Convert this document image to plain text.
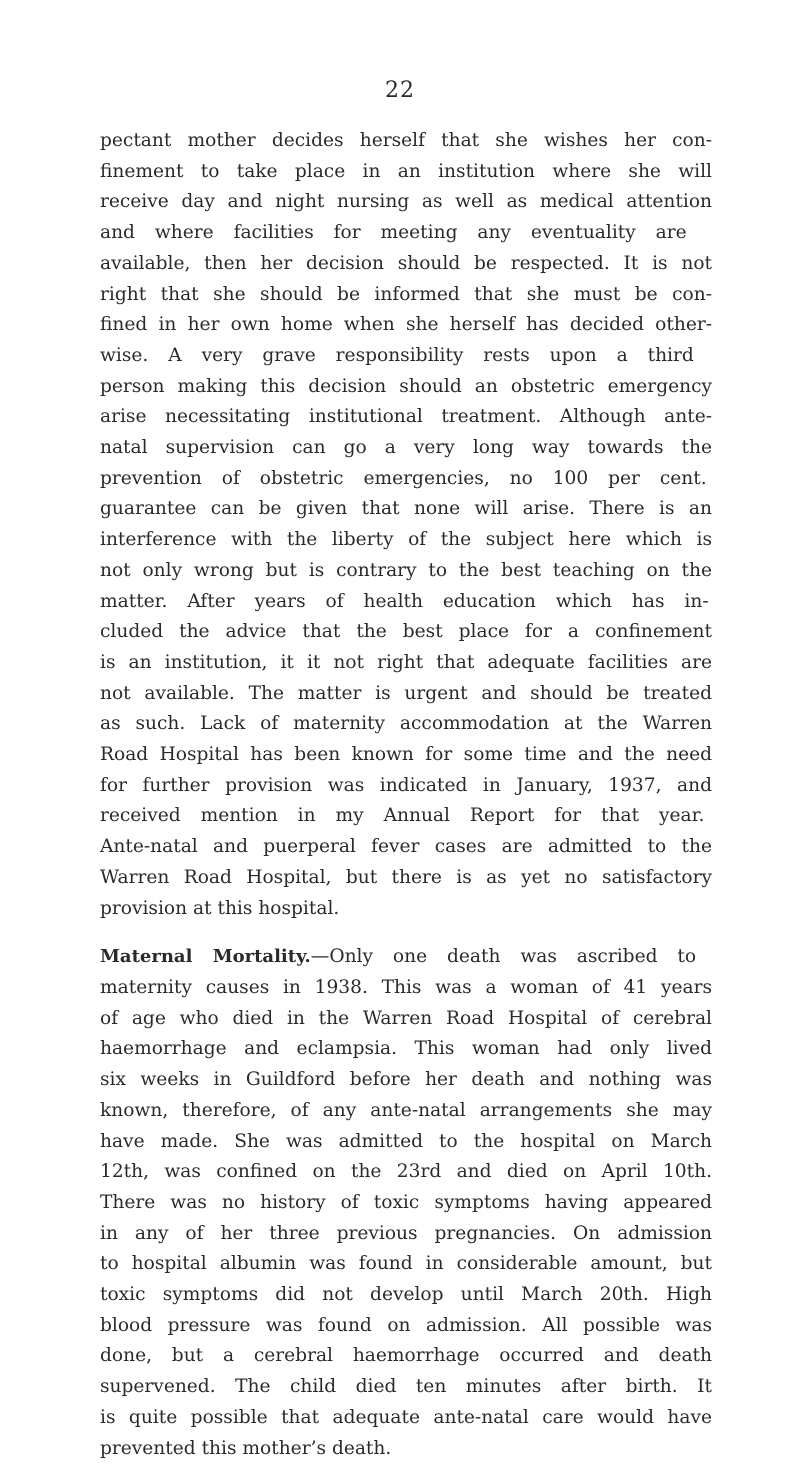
22

pectant mother decides herself that she wishes her con-
finement to take place in an institution where she will
receive day and night nursing as well as medical attention
and where facilities for meeting any eventuality are
available, then her decision should be respected. It is not
right that she should be informed that she must be con-
fined in her own home when she herself has decided other-
wise. A very grave responsibility rests upon a third
person making this decision should an obstetric emergency
arise necessitating institutional treatment. Although ante-
natal supervision can go a very long way towards the
prevention of obstetric emergencies, no 100 per cent.
guarantee can be given that none will arise. There is an
interference with the liberty of the subject here which is
not only wrong but is contrary to the best teaching on the
matter. After years of health education which has in-
cluded the advice that the best place for a confinement
is an institution, it it not right that adequate facilities are
not available. The matter is urgent and should be treated
as such. Lack of maternity accommodation at the Warren
Road Hospital has been known for some time and the need
for further provision was indicated in January, 1937, and
received mention in my Annual Report for that year.
Ante-natal and puerperal fever cases are admitted to the
Warren Road Hospital, but there is as yet no satisfactory
provision at this hospital.

Maternal Mortality.—Only one death was ascribed to
maternity causes in 1938. This was a woman of 41 years
of age who died in the Warren Road Hospital of cerebral
haemorrhage and eclampsia. This woman had only lived
six weeks in Guildford before her death and nothing was
known, therefore, of any ante-natal arrangements she may
have made. She was admitted to the hospital on March
12th, was confined on the 23rd and died on April 10th.
There was no history of toxic symptoms having appeared
in any of her three previous pregnancies. On admission
to hospital albumin was found in considerable amount, but
toxic symptoms did not develop until March 20th. High
blood pressure was found on admission. All possible was
done, but a cerebral haemorrhage occurred and death
supervened. The child died ten minutes after birth. It
is quite possible that adequate ante-natal care would have
prevented this mother’s death.
